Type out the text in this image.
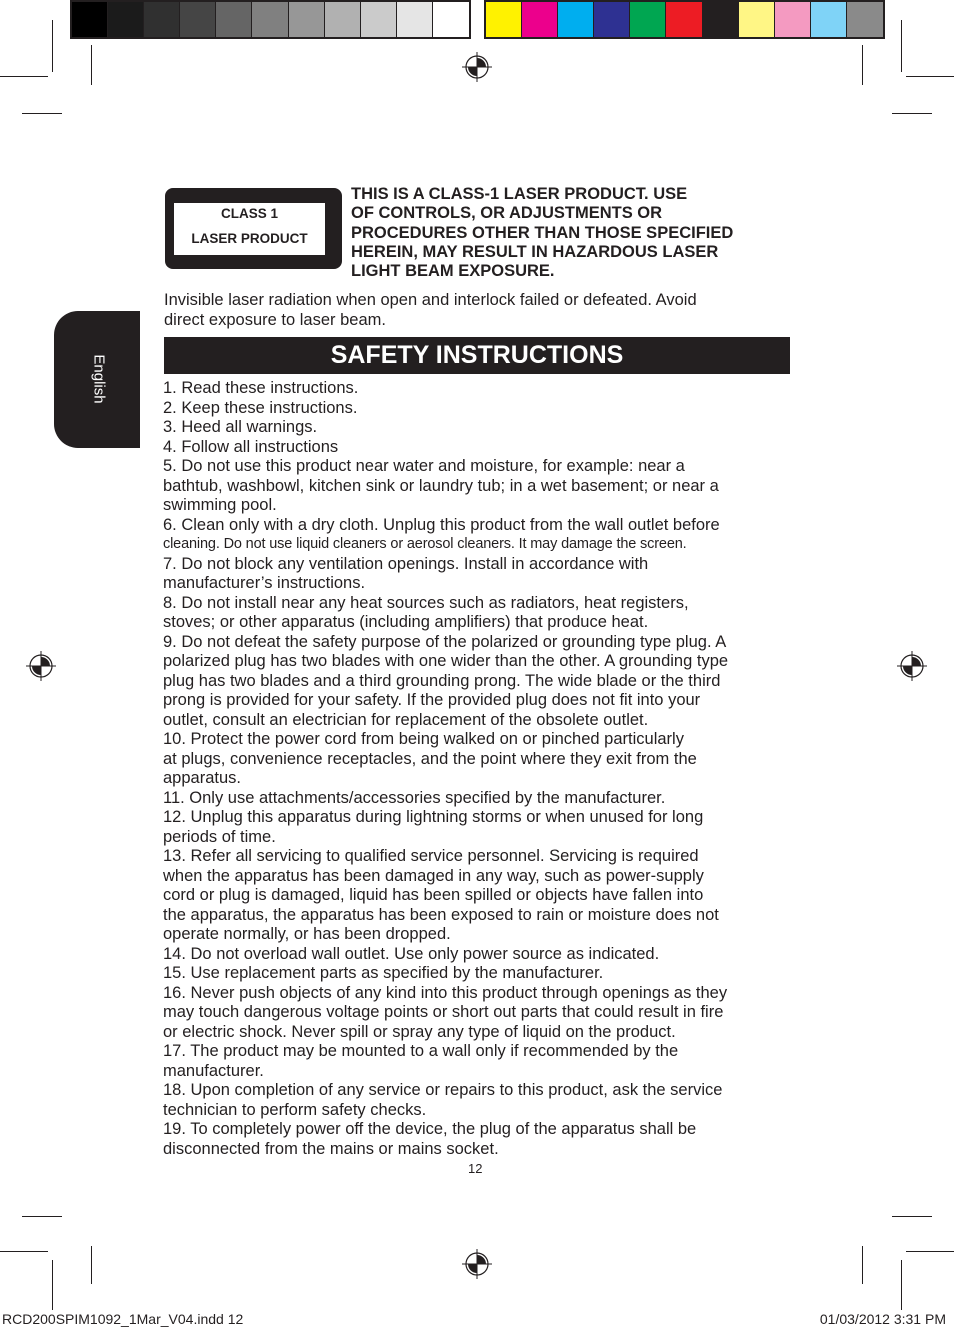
English
CLASS 1
LASER PRODUCT
THIS IS A CLASS-1 LASER PRODUCT. USE
OF CONTROLS, OR ADJUSTMENTS OR
PROCEDURES OTHER THAN THOSE SPECIFIED
HEREIN, MAY RESULT IN HAZARDOUS LASER
LIGHT BEAM EXPOSURE.
Invisible laser radiation when open and interlock failed or defeated. Avoid
direct exposure to laser beam.
SAFETY INSTRUCTIONS
1. Read these instructions.
2. Keep these instructions.
3. Heed all warnings.
4. Follow all instructions
5. Do not use this product near water and moisture, for example: near a
bathtub, washbowl, kitchen sink or laundry tub; in a wet basement; or near a
swimming pool.
6. Clean only with a dry cloth. Unplug this product from the wall outlet before
cleaning. Do not use liquid cleaners or aerosol cleaners. It may damage the screen.
7. Do not block any ventilation openings. Install in accordance with
manufacturer’s instructions.
8. Do not install near any heat sources such as radiators, heat registers,
stoves; or other apparatus (including amplifiers) that produce heat.
9. Do not defeat the safety purpose of the polarized or grounding type plug. A
polarized plug has two blades with one wider than the other. A grounding type
plug has two blades and a third grounding prong. The wide blade or the third
prong is provided for your safety. If the provided plug does not fit into your
outlet, consult an electrician for replacement of the obsolete outlet.
10. Protect the power cord from being walked on or pinched particularly
at plugs, convenience receptacles, and the point where they exit from the
apparatus.
11. Only use attachments/accessories specified by the manufacturer.
12. Unplug this apparatus during lightning storms or when unused for long
periods of time.
13. Refer all servicing to qualified service personnel. Servicing is required
when the apparatus has been damaged in any way, such as power-supply
cord or plug is damaged, liquid has been spilled or objects have fallen into
the apparatus, the apparatus has been exposed to rain or moisture does not
operate normally, or has been dropped.
14. Do not overload wall outlet. Use only power source as indicated.
15. Use replacement parts as specified by the manufacturer.
16. Never push objects of any kind into this product through openings as they
may touch dangerous voltage points or short out parts that could result in fire
or electric shock. Never spill or spray any type of liquid on the product.
17. The product may be mounted to a wall only if recommended by the
manufacturer.
18. Upon completion of any service or repairs to this product, ask the service
technician to perform safety checks.
19. To completely power off the device, the plug of the apparatus shall be
disconnected from the mains or mains socket.
12
RCD200SPIM1092_1Mar_V04.indd 12	01/03/2012 3:31 PM
